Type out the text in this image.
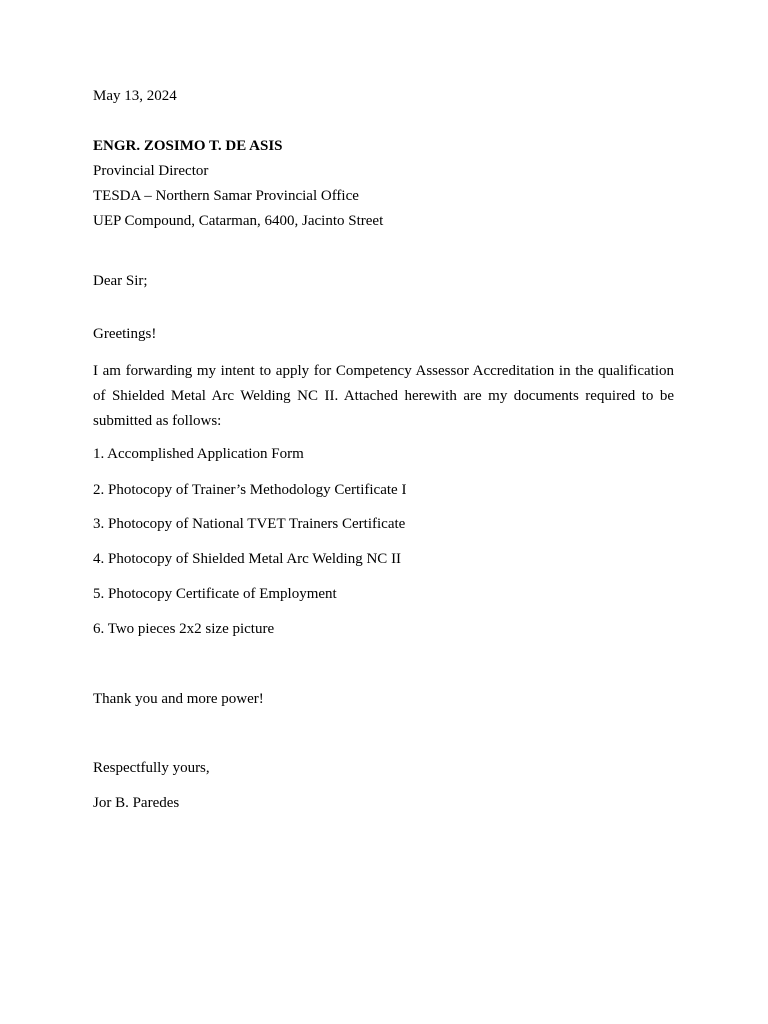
May 13, 2024
ENGR. ZOSIMO T. DE ASIS
Provincial Director
TESDA – Northern Samar Provincial Office
UEP Compound, Catarman, 6400, Jacinto Street
Dear Sir;
Greetings!
I am forwarding my intent to apply for Competency Assessor Accreditation in the qualification of Shielded Metal Arc Welding NC II. Attached herewith are my documents required to be submitted as follows:
1. Accomplished Application Form
2. Photocopy of Trainer’s Methodology Certificate I
3. Photocopy of National TVET Trainers Certificate
4. Photocopy of Shielded Metal Arc Welding NC II
5. Photocopy Certificate of Employment
6. Two pieces 2x2 size picture
Thank you and more power!
Respectfully yours,
Jor B. Paredes
